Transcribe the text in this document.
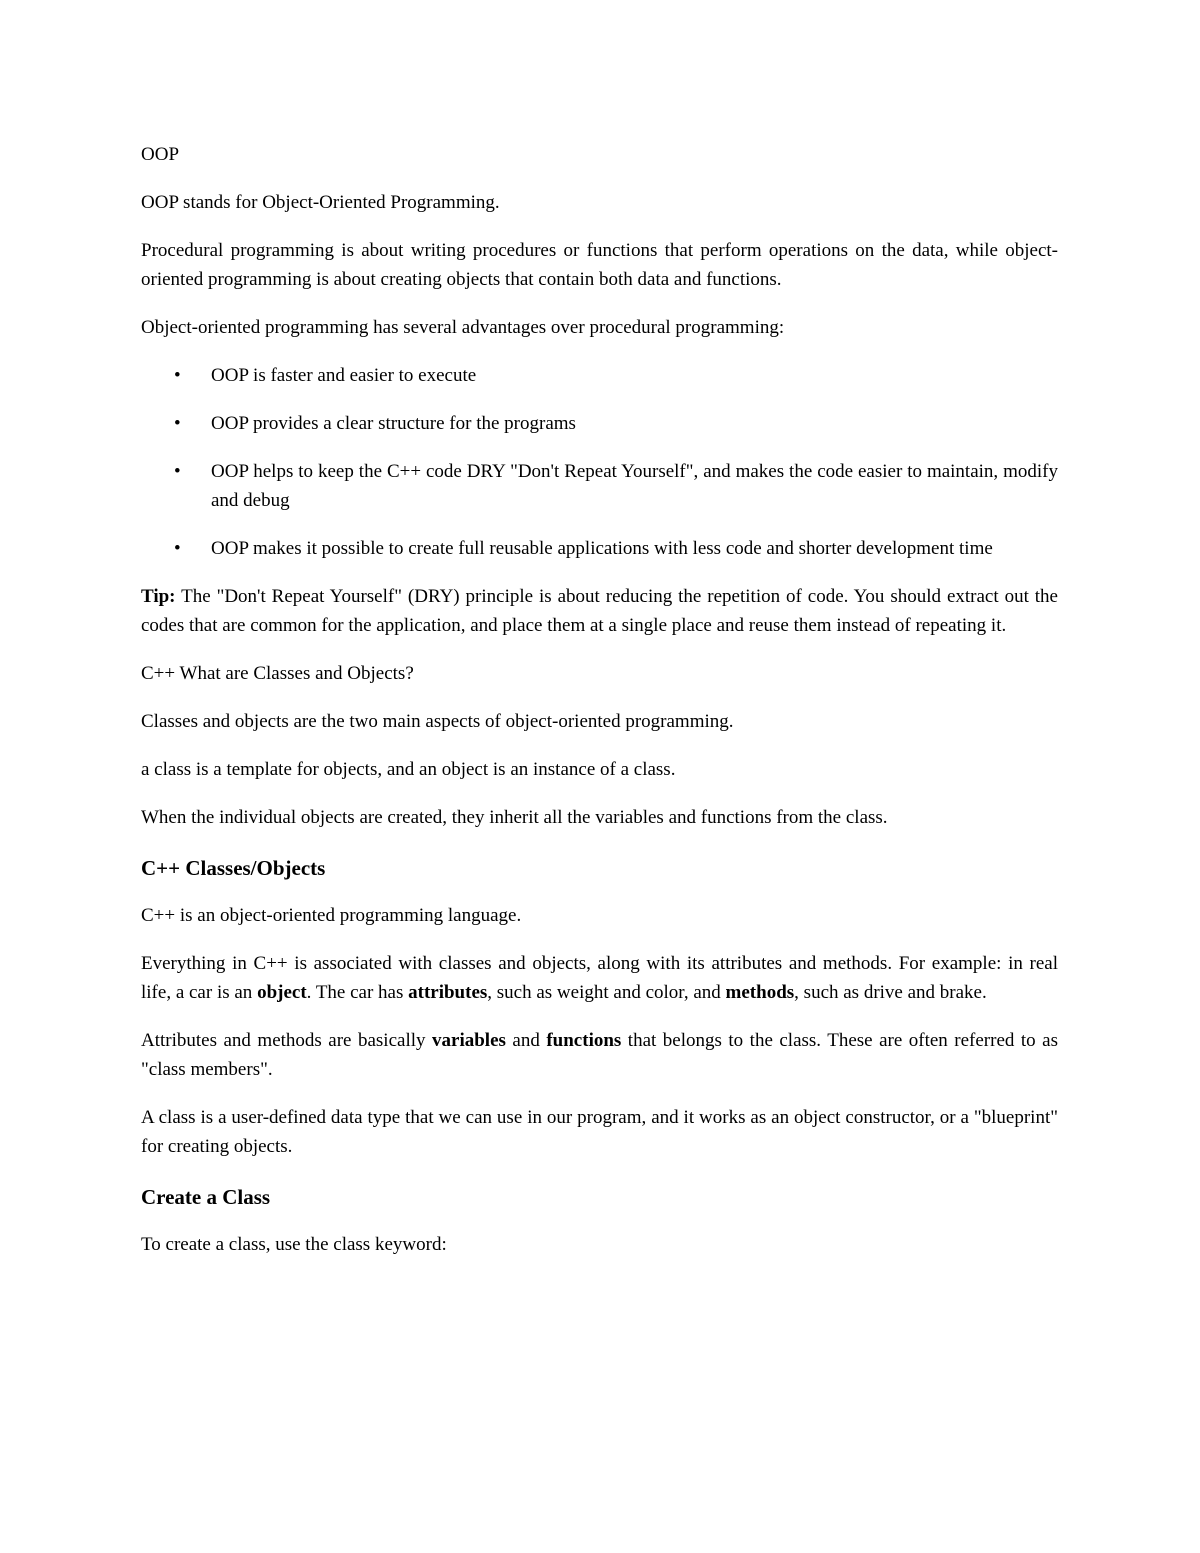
OOP

OOP stands for Object-Oriented Programming.

Procedural programming is about writing procedures or functions that perform operations on the data, while object-oriented programming is about creating objects that contain both data and functions.

Object-oriented programming has several advantages over procedural programming:

• OOP is faster and easier to execute
• OOP provides a clear structure for the programs
• OOP helps to keep the C++ code DRY "Don't Repeat Yourself", and makes the code easier to maintain, modify and debug
• OOP makes it possible to create full reusable applications with less code and shorter development time

Tip: The "Don't Repeat Yourself" (DRY) principle is about reducing the repetition of code. You should extract out the codes that are common for the application, and place them at a single place and reuse them instead of repeating it.

C++ What are Classes and Objects?

Classes and objects are the two main aspects of object-oriented programming.

a class is a template for objects, and an object is an instance of a class.

When the individual objects are created, they inherit all the variables and functions from the class.

C++ Classes/Objects

C++ is an object-oriented programming language.

Everything in C++ is associated with classes and objects, along with its attributes and methods. For example: in real life, a car is an object. The car has attributes, such as weight and color, and methods, such as drive and brake.

Attributes and methods are basically variables and functions that belongs to the class. These are often referred to as "class members".

A class is a user-defined data type that we can use in our program, and it works as an object constructor, or a "blueprint" for creating objects.

Create a Class

To create a class, use the class keyword:
